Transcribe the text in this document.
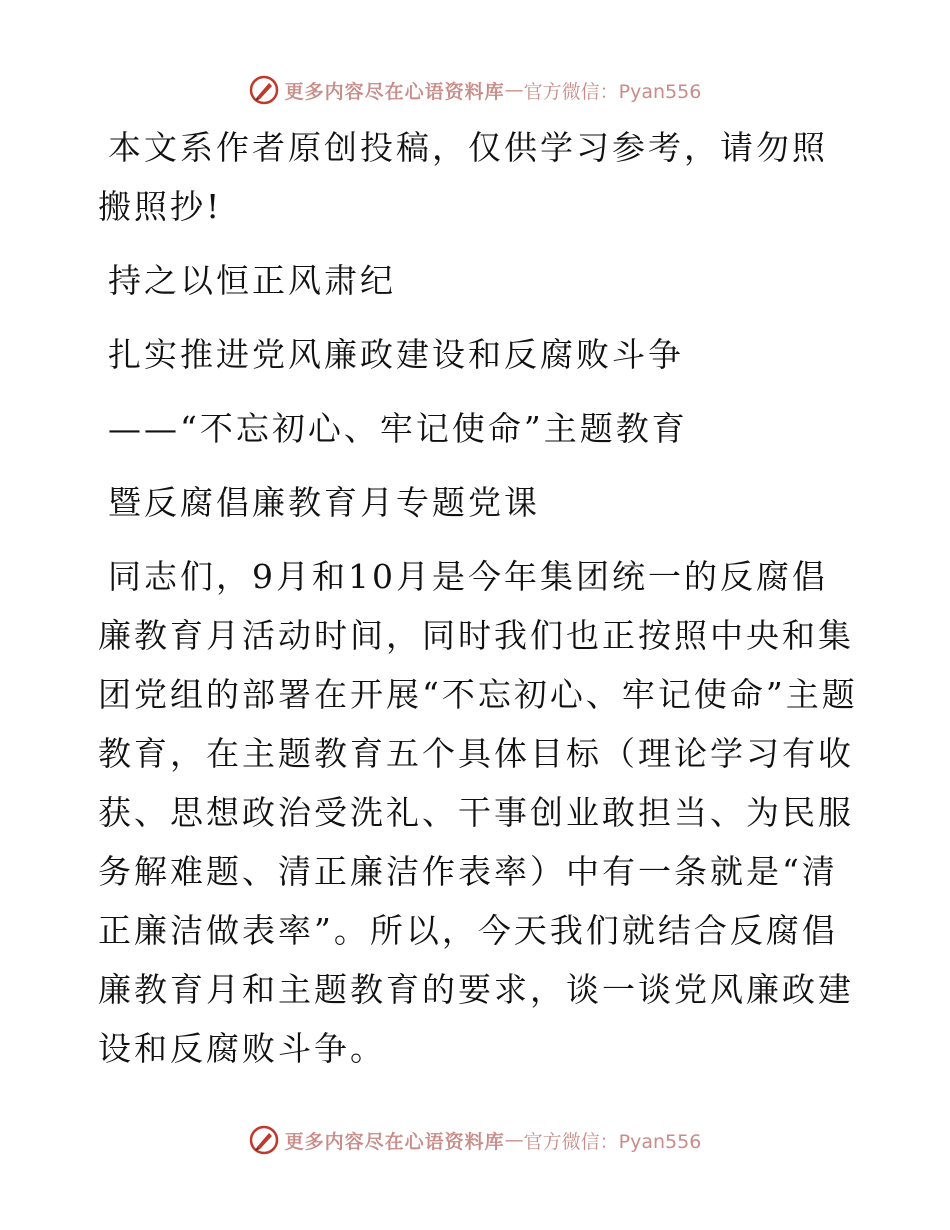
更多内容尽在心语资料库 — 官方微信：Pyan556

本文系作者原创投稿，仅供学习参考，请勿照搬照抄!

持之以恒正风肃纪

扎实推进党风廉政建设和反腐败斗争

——“不忘初心、牢记使命”主题教育

暨反腐倡廉教育月专题党课

同志们，9月和10月是今年集团统一的反腐倡廉教育月活动时间，同时我们也正按照中央和集团党组的部署在开展“不忘初心、牢记使命”主题教育，在主题教育五个具体目标（理论学习有收获、思想政治受洗礼、干事创业敢担当、为民服务解难题、清正廉洁作表率）中有一条就是“清正廉洁做表率”。所以，今天我们就结合反腐倡廉教育月和主题教育的要求，谈一谈党风廉政建设和反腐败斗争。

更多内容尽在心语资料库 — 官方微信：Pyan556
